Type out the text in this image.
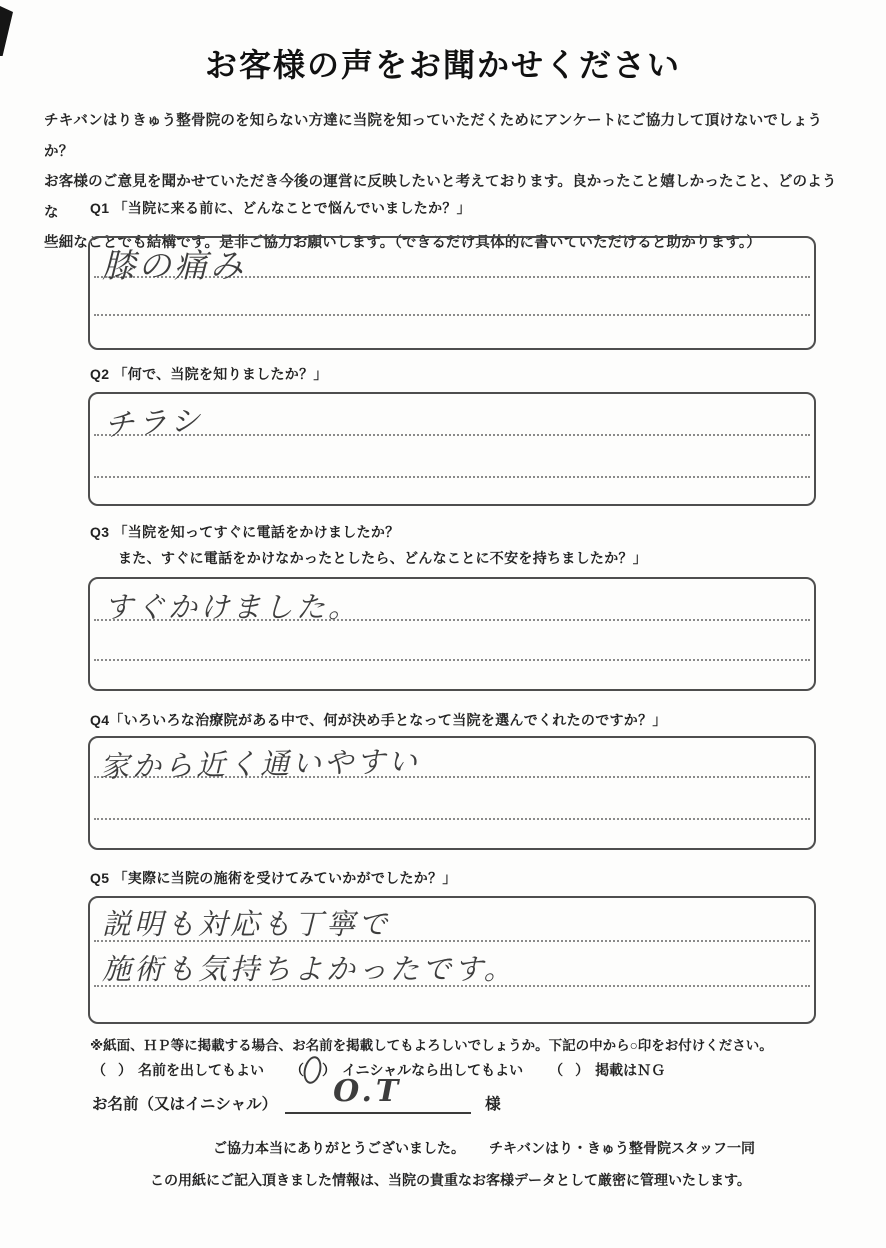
お客様の声をお聞かせください
チキバンはりきゅう整骨院のを知らない方達に当院を知っていただくためにアンケートにご協力して頂けないでしょうか？
お客様のご意見を聞かせていただき今後の運営に反映したいと考えております。良かったこと嬉しかったこと、どのような
些細なことでも結構です。是非ご協力お願いします。（できるだけ具体的に書いていただけると助かります。）
Q1 「当院に来る前に、どんなことで悩んでいましたか？」
膝の痛み
Q2 「何で、当院を知りましたか？」
チラシ
Q3 「当院を知ってすぐに電話をかけましたか？
また、すぐに電話をかけなかったとしたら、どんなことに不安を持ちましたか？」
すぐかけました。
Q4「いろいろな治療院がある中で、何が決め手となって当院を選んでくれたのですか？」
家から近く通いやすい
Q5 「実際に当院の施術を受けてみていかがでしたか？」
説明も対応も丁寧で
施術も気持ちよかったです。
※紙面、ＨＰ等に掲載する場合、お名前を掲載してもよろしいでしょうか。下記の中から○印をお付けください。
（ ） 名前を出してもよい （ ） イニシャルなら出してもよい （ ） 掲載はＮＧ
お名前（又はイニシャル） O.T	様
ご協力本当にありがとうございました。 チキバンはり・きゅう整骨院スタッフ一同
この用紙にご記入頂きました情報は、当院の貴重なお客様データとして厳密に管理いたします。
